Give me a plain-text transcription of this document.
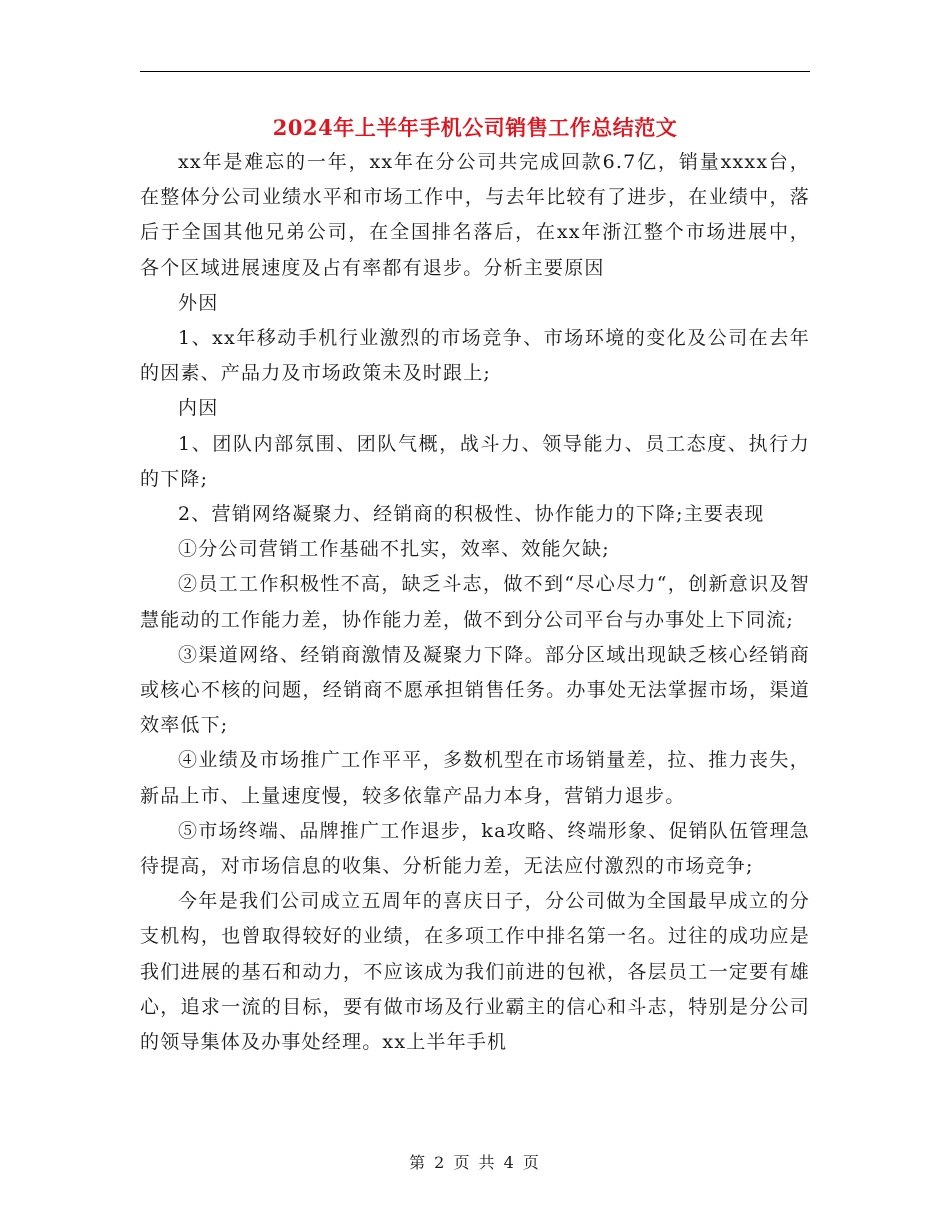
2024年上半年手机公司销售工作总结范文

xx年是难忘的一年，xx年在分公司共完成回款6.7亿，销量xxxx台，在整体分公司业绩水平和市场工作中，与去年比较有了进步，在业绩中，落后于全国其他兄弟公司，在全国排名落后，在xx年浙江整个市场进展中，各个区域进展速度及占有率都有退步。分析主要原因

外因

1、xx年移动手机行业激烈的市场竞争、市场环境的变化及公司在去年的因素、产品力及市场政策未及时跟上;

内因

1、团队内部氛围、团队气概，战斗力、领导能力、员工态度、执行力的下降;

2、营销网络凝聚力、经销商的积极性、协作能力的下降;主要表现

①分公司营销工作基础不扎实，效率、效能欠缺;

②员工工作积极性不高，缺乏斗志，做不到“尽心尽力“，创新意识及智慧能动的工作能力差，协作能力差，做不到分公司平台与办事处上下同流;

③渠道网络、经销商激情及凝聚力下降。部分区域出现缺乏核心经销商或核心不核的问题，经销商不愿承担销售任务。办事处无法掌握市场，渠道效率低下;

④业绩及市场推广工作平平，多数机型在市场销量差，拉、推力丧失，新品上市、上量速度慢，较多依靠产品力本身，营销力退步。

⑤市场终端、品牌推广工作退步，ka攻略、终端形象、促销队伍管理急待提高，对市场信息的收集、分析能力差，无法应付激烈的市场竞争;

今年是我们公司成立五周年的喜庆日子，分公司做为全国最早成立的分支机构，也曾取得较好的业绩，在多项工作中排名第一名。过往的成功应是我们进展的基石和动力，不应该成为我们前进的包袱，各层员工一定要有雄心，追求一流的目标，要有做市场及行业霸主的信心和斗志，特别是分公司的领导集体及办事处经理。xx上半年手机

第 2 页 共 4 页
